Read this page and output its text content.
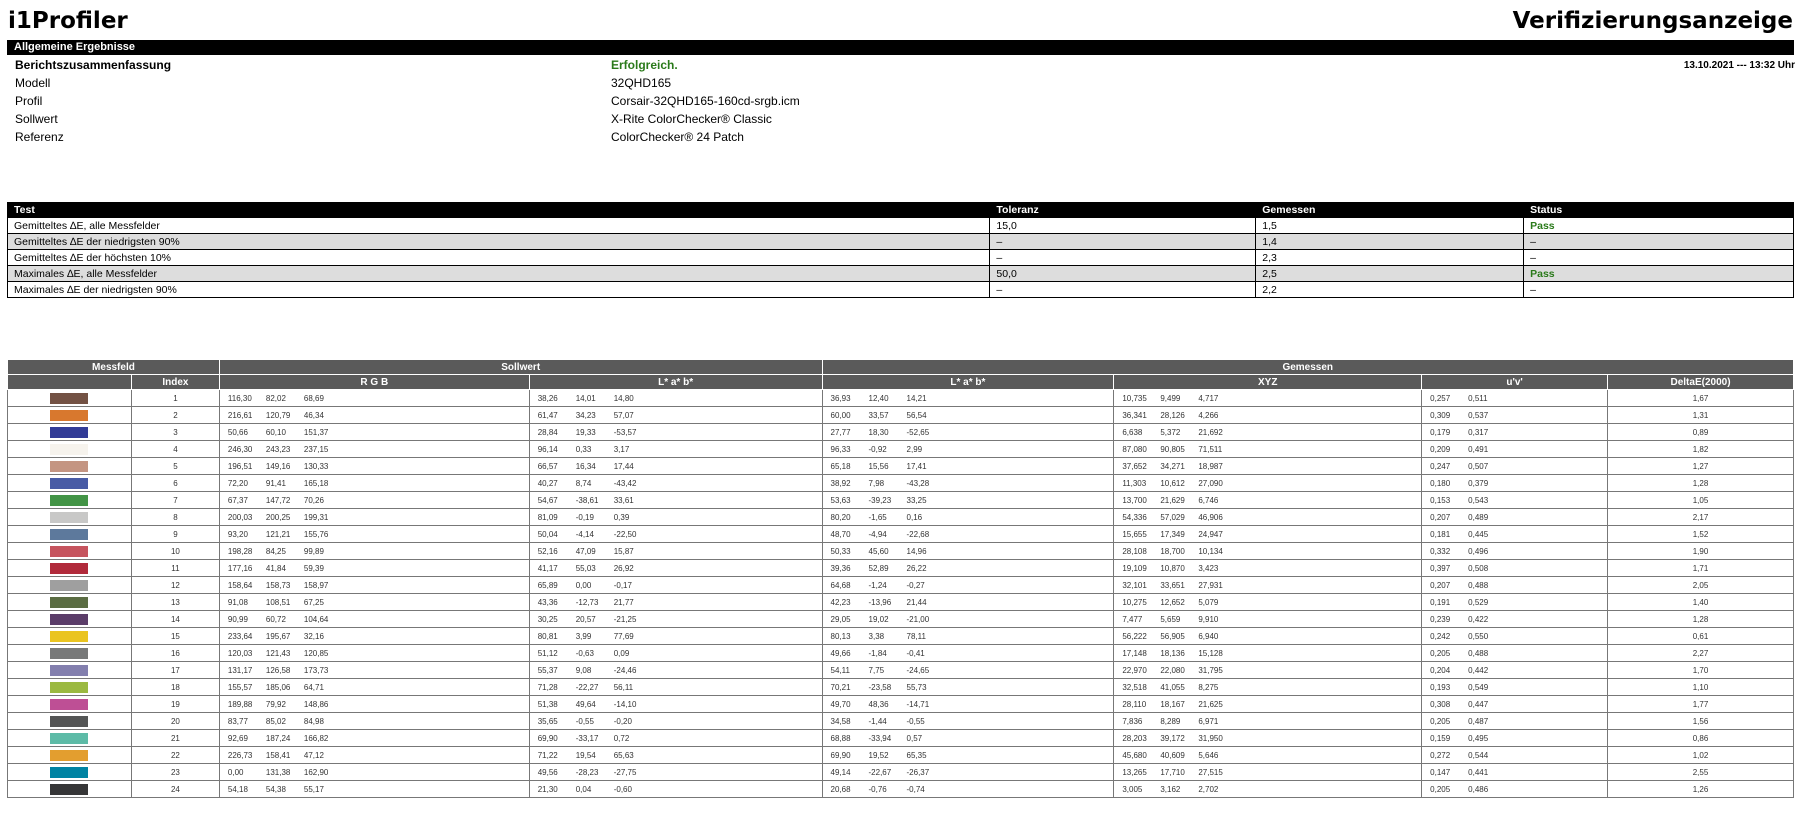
i1Profiler	Verifizierungsanzeige
Allgemeine Ergebnisse
Berichtszusammenfassung	Erfolgreich.	13.10.2021 --- 13:32 Uhr
Modell	32QHD165
Profil	Corsair-32QHD165-160cd-srgb.icm
Sollwert	X-Rite ColorChecker® Classic
Referenz	ColorChecker® 24 Patch
Test	Toleranz	Gemessen	Status
Gemitteltes ∆E, alle Messfelder	15,0	1,5	Pass
Gemitteltes ∆E der niedrigsten 90%	–	1,4	–
Gemitteltes ∆E der höchsten 10%	–	2,3	–
Maximales ∆E, alle Messfelder	50,0	2,5	Pass
Maximales ∆E der niedrigsten 90%	–	2,2	–
Messfeld		Sollwert		Gemessen			
	Index	R G B	L* a* b*	L* a* b*	XYZ	u'v'	DeltaE(2000)
	1	116,30 82,02 68,69	38,26 14,01 14,80	36,93 12,40 14,21	10,735 9,499 4,717	0,257 0,511	1,67
	2	216,61 120,79 46,34	61,47 34,23 57,07	60,00 33,57 56,54	36,341 28,126 4,266	0,309 0,537	1,31
	3	50,66 60,10 151,37	28,84 19,33 -53,57	27,77 18,30 -52,65	6,638 5,372 21,692	0,179 0,317	0,89
	4	246,30 243,23 237,15	96,14 0,33 3,17	96,33 -0,92 2,99	87,080 90,805 71,511	0,209 0,491	1,82
	5	196,51 149,16 130,33	66,57 16,34 17,44	65,18 15,56 17,41	37,652 34,271 18,987	0,247 0,507	1,27
	6	72,20 91,41 165,18	40,27 8,74 -43,42	38,92 7,98 -43,28	11,303 10,612 27,090	0,180 0,379	1,28
	7	67,37 147,72 70,26	54,67 -38,61 33,61	53,63 -39,23 33,25	13,700 21,629 6,746	0,153 0,543	1,05
	8	200,03 200,25 199,31	81,09 -0,19 0,39	80,20 -1,65 0,16	54,336 57,029 46,906	0,207 0,489	2,17
	9	93,20 121,21 155,76	50,04 -4,14 -22,50	48,70 -4,94 -22,68	15,655 17,349 24,947	0,181 0,445	1,52
	10	198,28 84,25 99,89	52,16 47,09 15,87	50,33 45,60 14,96	28,108 18,700 10,134	0,332 0,496	1,90
	11	177,16 41,84 59,39	41,17 55,03 26,92	39,36 52,89 26,22	19,109 10,870 3,423	0,397 0,508	1,71
	12	158,64 158,73 158,97	65,89 0,00 -0,17	64,68 -1,24 -0,27	32,101 33,651 27,931	0,207 0,488	2,05
	13	91,08 108,51 67,25	43,36 -12,73 21,77	42,23 -13,96 21,44	10,275 12,652 5,079	0,191 0,529	1,40
	14	90,99 60,72 104,64	30,25 20,57 -21,25	29,05 19,02 -21,00	7,477 5,659 9,910	0,239 0,422	1,28
	15	233,64 195,67 32,16	80,81 3,99 77,69	80,13 3,38 78,11	56,222 56,905 6,940	0,242 0,550	0,61
	16	120,03 121,43 120,85	51,12 -0,63 0,09	49,66 -1,84 -0,41	17,148 18,136 15,128	0,205 0,488	2,27
	17	131,17 126,58 173,73	55,37 9,08 -24,46	54,11 7,75 -24,65	22,970 22,080 31,795	0,204 0,442	1,70
	18	155,57 185,06 64,71	71,28 -22,27 56,11	70,21 -23,58 55,73	32,518 41,055 8,275	0,193 0,549	1,10
	19	189,88 79,92 148,86	51,38 49,64 -14,10	49,70 48,36 -14,71	28,110 18,167 21,625	0,308 0,447	1,77
	20	83,77 85,02 84,98	35,65 -0,55 -0,20	34,58 -1,44 -0,55	7,836 8,289 6,971	0,205 0,487	1,56
	21	92,69 187,24 166,82	69,90 -33,17 0,72	68,88 -33,94 0,57	28,203 39,172 31,950	0,159 0,495	0,86
	22	226,73 158,41 47,12	71,22 19,54 65,63	69,90 19,52 65,35	45,680 40,609 5,646	0,272 0,544	1,02
	23	0,00 131,38 162,90	49,56 -28,23 -27,75	49,14 -22,67 -26,37	13,265 17,710 27,515	0,147 0,441	2,55
	24	54,18 54,38 55,17	21,30 0,04 -0,60	20,68 -0,76 -0,74	3,005 3,162 2,702	0,205 0,486	1,26
